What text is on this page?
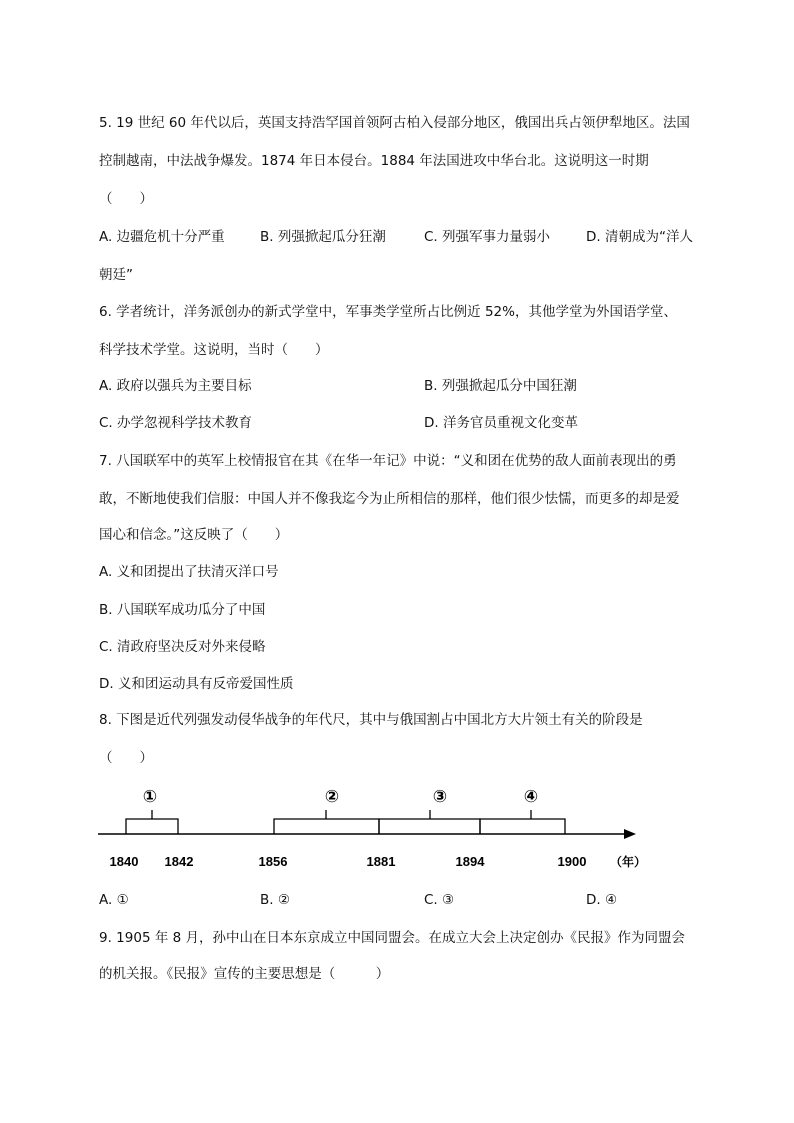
5. 19 世纪 60 年代以后，英国支持浩罕国首领阿古柏入侵部分地区，俄国出兵占领伊犁地区。法国
控制越南，中法战争爆发。1874 年日本侵台。1884 年法国进攻中华台北。这说明这一时期
（　　）
A. 边疆危机十分严重	B. 列强掀起瓜分狂潮	C. 列强军事力量弱小	D. 清朝成为“洋人
朝廷”
6. 学者统计，洋务派创办的新式学堂中，军事类学堂所占比例近 52%，其他学堂为外国语学堂、
科学技术学堂。这说明，当时（　　）
A. 政府以强兵为主要目标	B. 列强掀起瓜分中国狂潮
C. 办学忽视科学技术教育	D. 洋务官员重视文化变革
7. 八国联军中的英军上校情报官在其《在华一年记》中说：“义和团在优势的敌人面前表现出的勇
敢，不断地使我们信服：中国人并不像我迄今为止所相信的那样，他们很少怯懦，而更多的却是爱
国心和信念。”这反映了（　　）
A. 义和团提出了扶清灭洋口号
B. 八国联军成功瓜分了中国
C. 清政府坚决反对外来侵略
D. 义和团运动具有反帝爱国性质
8. 下图是近代列强发动侵华战争的年代尺，其中与俄国割占中国北方大片领土有关的阶段是
（　　）
①	②	③	④
1840 1842	1856	1881	1894	1900 （年）
A. ①	B. ②	C. ③	D. ④
9. 1905 年 8 月，孙中山在日本东京成立中国同盟会。在成立大会上决定创办《民报》作为同盟会
的机关报。《民报》宣传的主要思想是（　　　）
